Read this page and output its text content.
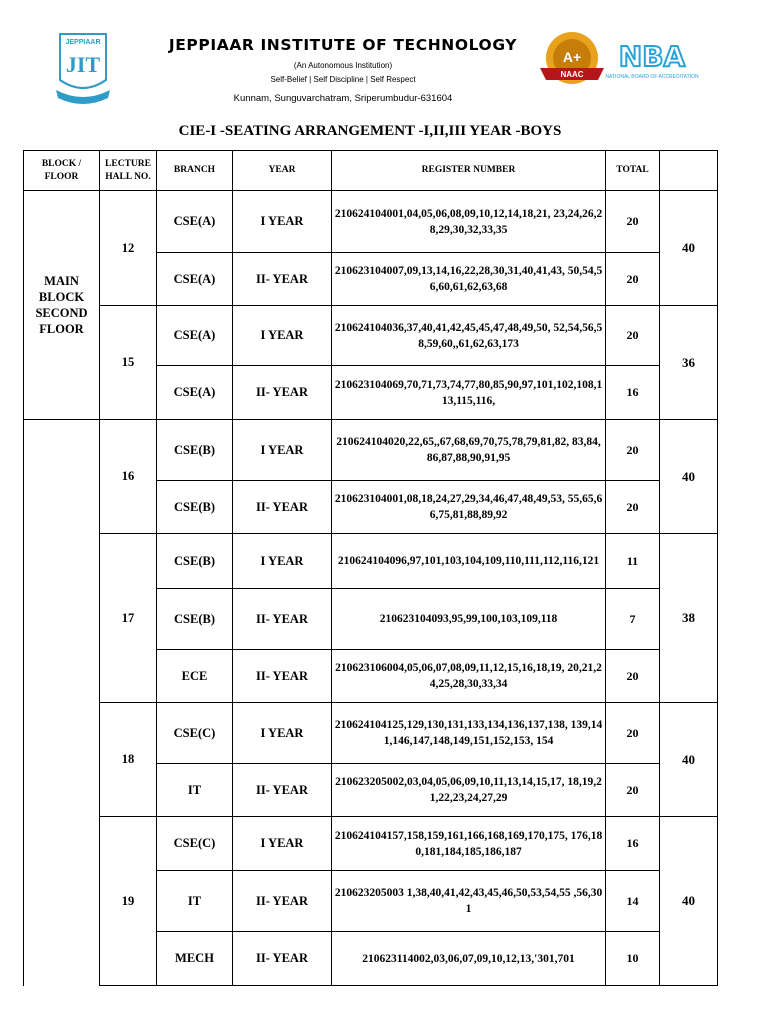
JEPPIAAR
JIT
JEPPIAAR INSTITUTE OF TECHNOLOGY
(An Autonomous Institution)
Self-Belief | Self Discipline | Self Respect
Kunnam, Sunguvarchatram, Sriperumbudur-631604
A+
NAAC
NBA
NATIONAL BOARD OF ACCREDITATION
CIE-I -SEATING ARRANGEMENT -I,II,III YEAR -BOYS
BLOCK / FLOOR	LECTURE HALL NO.	BRANCH	YEAR	REGISTER NUMBER	TOTAL	
MAIN BLOCK SECOND FLOOR	12	CSE(A)	I YEAR	210624104001,04,05,06,08,09,10,12,14,18,21, 23,24,26,28,29,30,32,33,35	20	40
		CSE(A)	II- YEAR	210623104007,09,13,14,16,22,28,30,31,40,41,43, 50,54,56,60,61,62,63,68	20	
	15	CSE(A)	I YEAR	210624104036,37,40,41,42,45,45,47,48,49,50, 52,54,56,58,59,60,,61,62,63,173	20	36
		CSE(A)	II- YEAR	210623104069,70,71,73,74,77,80,85,90,97,101,102,108,113,115,116,	16	
	16	CSE(B)	I YEAR	210624104020,22,65,,67,68,69,70,75,78,79,81,82, 83,84,86,87,88,90,91,95	20	40
		CSE(B)	II- YEAR	210623104001,08,18,24,27,29,34,46,47,48,49,53, 55,65,66,75,81,88,89,92	20	
	17	CSE(B)	I YEAR	210624104096,97,101,103,104,109,110,111,112,116,121	11	38
		CSE(B)	II- YEAR	210623104093,95,99,100,103,109,118	7	
		ECE	II- YEAR	210623106004,05,06,07,08,09,11,12,15,16,18,19, 20,21,24,25,28,30,33,34	20	
	18	CSE(C)	I YEAR	210624104125,129,130,131,133,134,136,137,138, 139,141,146,147,148,149,151,152,153, 154	20	40
		IT	II- YEAR	210623205002,03,04,05,06,09,10,11,13,14,15,17, 18,19,21,22,23,24,27,29	20	
	19	CSE(C)	I YEAR	210624104157,158,159,161,166,168,169,170,175, 176,180,181,184,185,186,187	16	40
		IT	II- YEAR	210623205003 1,38,40,41,42,43,45,46,50,53,54,55 ,56,301	14	
		MECH	II- YEAR	210623114002,03,06,07,09,10,12,13,'301,701	10	
